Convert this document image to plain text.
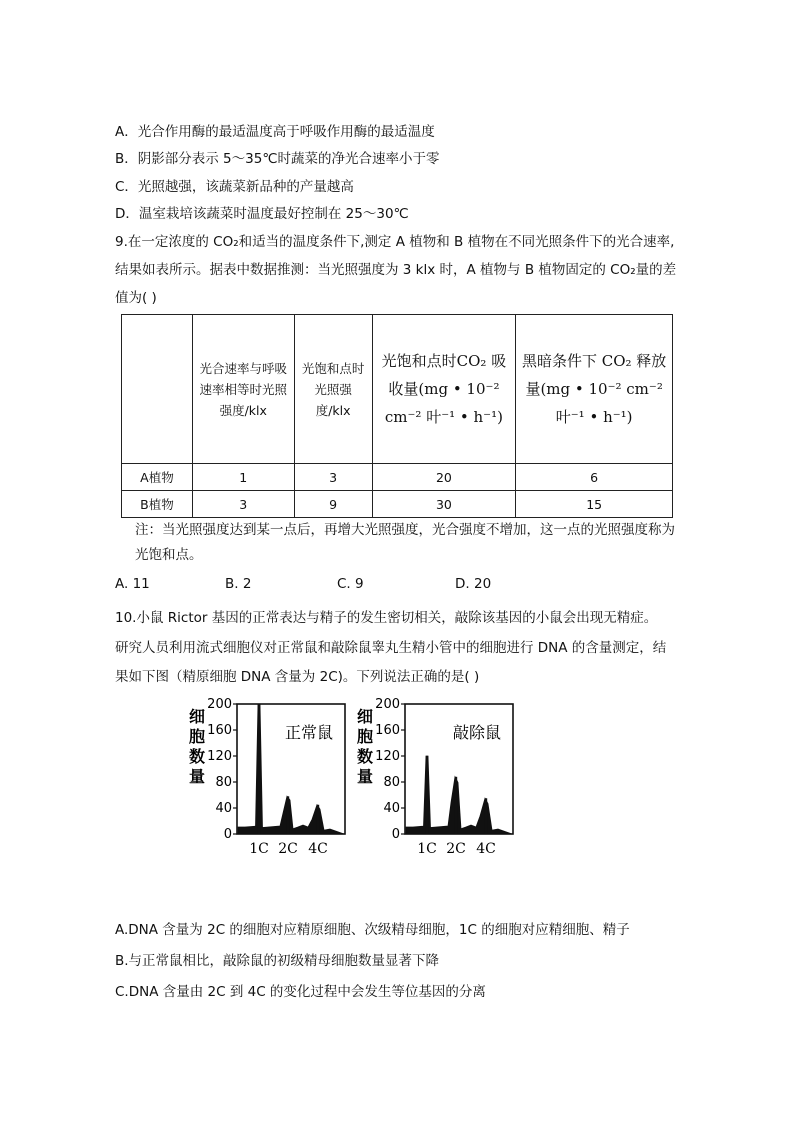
A．光合作用酶的最适温度高于呼吸作用酶的最适温度
B．阴影部分表示 5～35℃时蔬菜的净光合速率小于零
C．光照越强，该蔬菜新品种的产量越高
D．温室栽培该蔬菜时温度最好控制在 25～30℃
9.在一定浓度的 CO₂和适当的温度条件下,测定 A 植物和 B 植物在不同光照条件下的光合速率,
结果如表所示。据表中数据推测：当光照强度为 3 klx 时，A 植物与 B 植物固定的 CO₂量的差
值为( )
	光合速率与呼吸速率相等时光照强度/klx	光饱和点时光照强度/klx	光饱和点时CO₂ 吸收量(mg • 10⁻² cm⁻² 叶⁻¹ • h⁻¹)	黑暗条件下 CO₂ 释放量(mg • 10⁻² cm⁻² 叶⁻¹ • h⁻¹)
A植物	1	3	20	6
B植物	3	9	30	15
注：当光照强度达到某一点后，再增大光照强度，光合强度不增加，这一点的光照强度称为光饱和点。
A. 11	B. 2	C. 9	D. 20
10.小鼠 Rictor 基因的正常表达与精子的发生密切相关，敲除该基因的小鼠会出现无精症。
研究人员利用流式细胞仪对正常鼠和敲除鼠睾丸生精小管中的细胞进行 DNA 的含量测定，结
果如下图（精原细胞 DNA 含量为 2C)。下列说法正确的是( )
200
160
120
80
40
0
细
胞
数
量
1C 2C 4C
正常鼠
200
160
120
80
40
0
细
胞
数
量
1C 2C 4C
敲除鼠
A.DNA 含量为 2C 的细胞对应精原细胞、次级精母细胞，1C 的细胞对应精细胞、精子
B.与正常鼠相比，敲除鼠的初级精母细胞数量显著下降
C.DNA 含量由 2C 到 4C 的变化过程中会发生等位基因的分离
